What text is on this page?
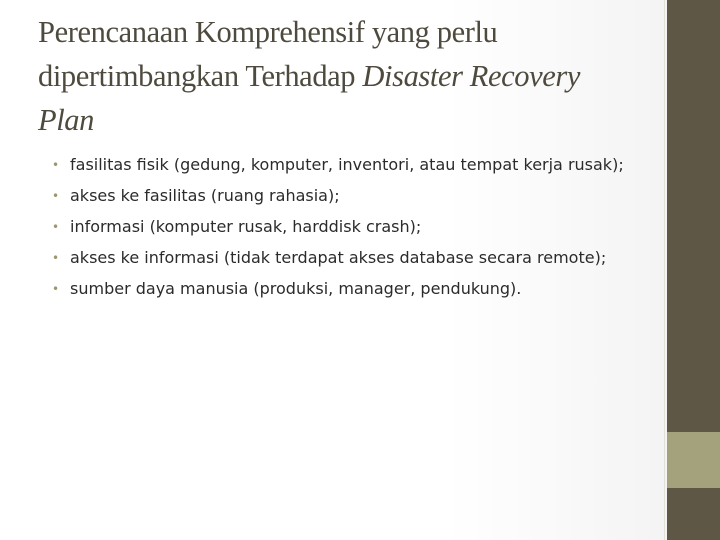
Perencanaan Komprehensif yang perlu dipertimbangkan Terhadap Disaster Recovery Plan
• fasilitas fisik (gedung, komputer, inventori, atau tempat kerja rusak);
• akses ke fasilitas (ruang rahasia);
• informasi (komputer rusak, harddisk crash);
• akses ke informasi (tidak terdapat akses database secara remote);
• sumber daya manusia (produksi, manager, pendukung).
